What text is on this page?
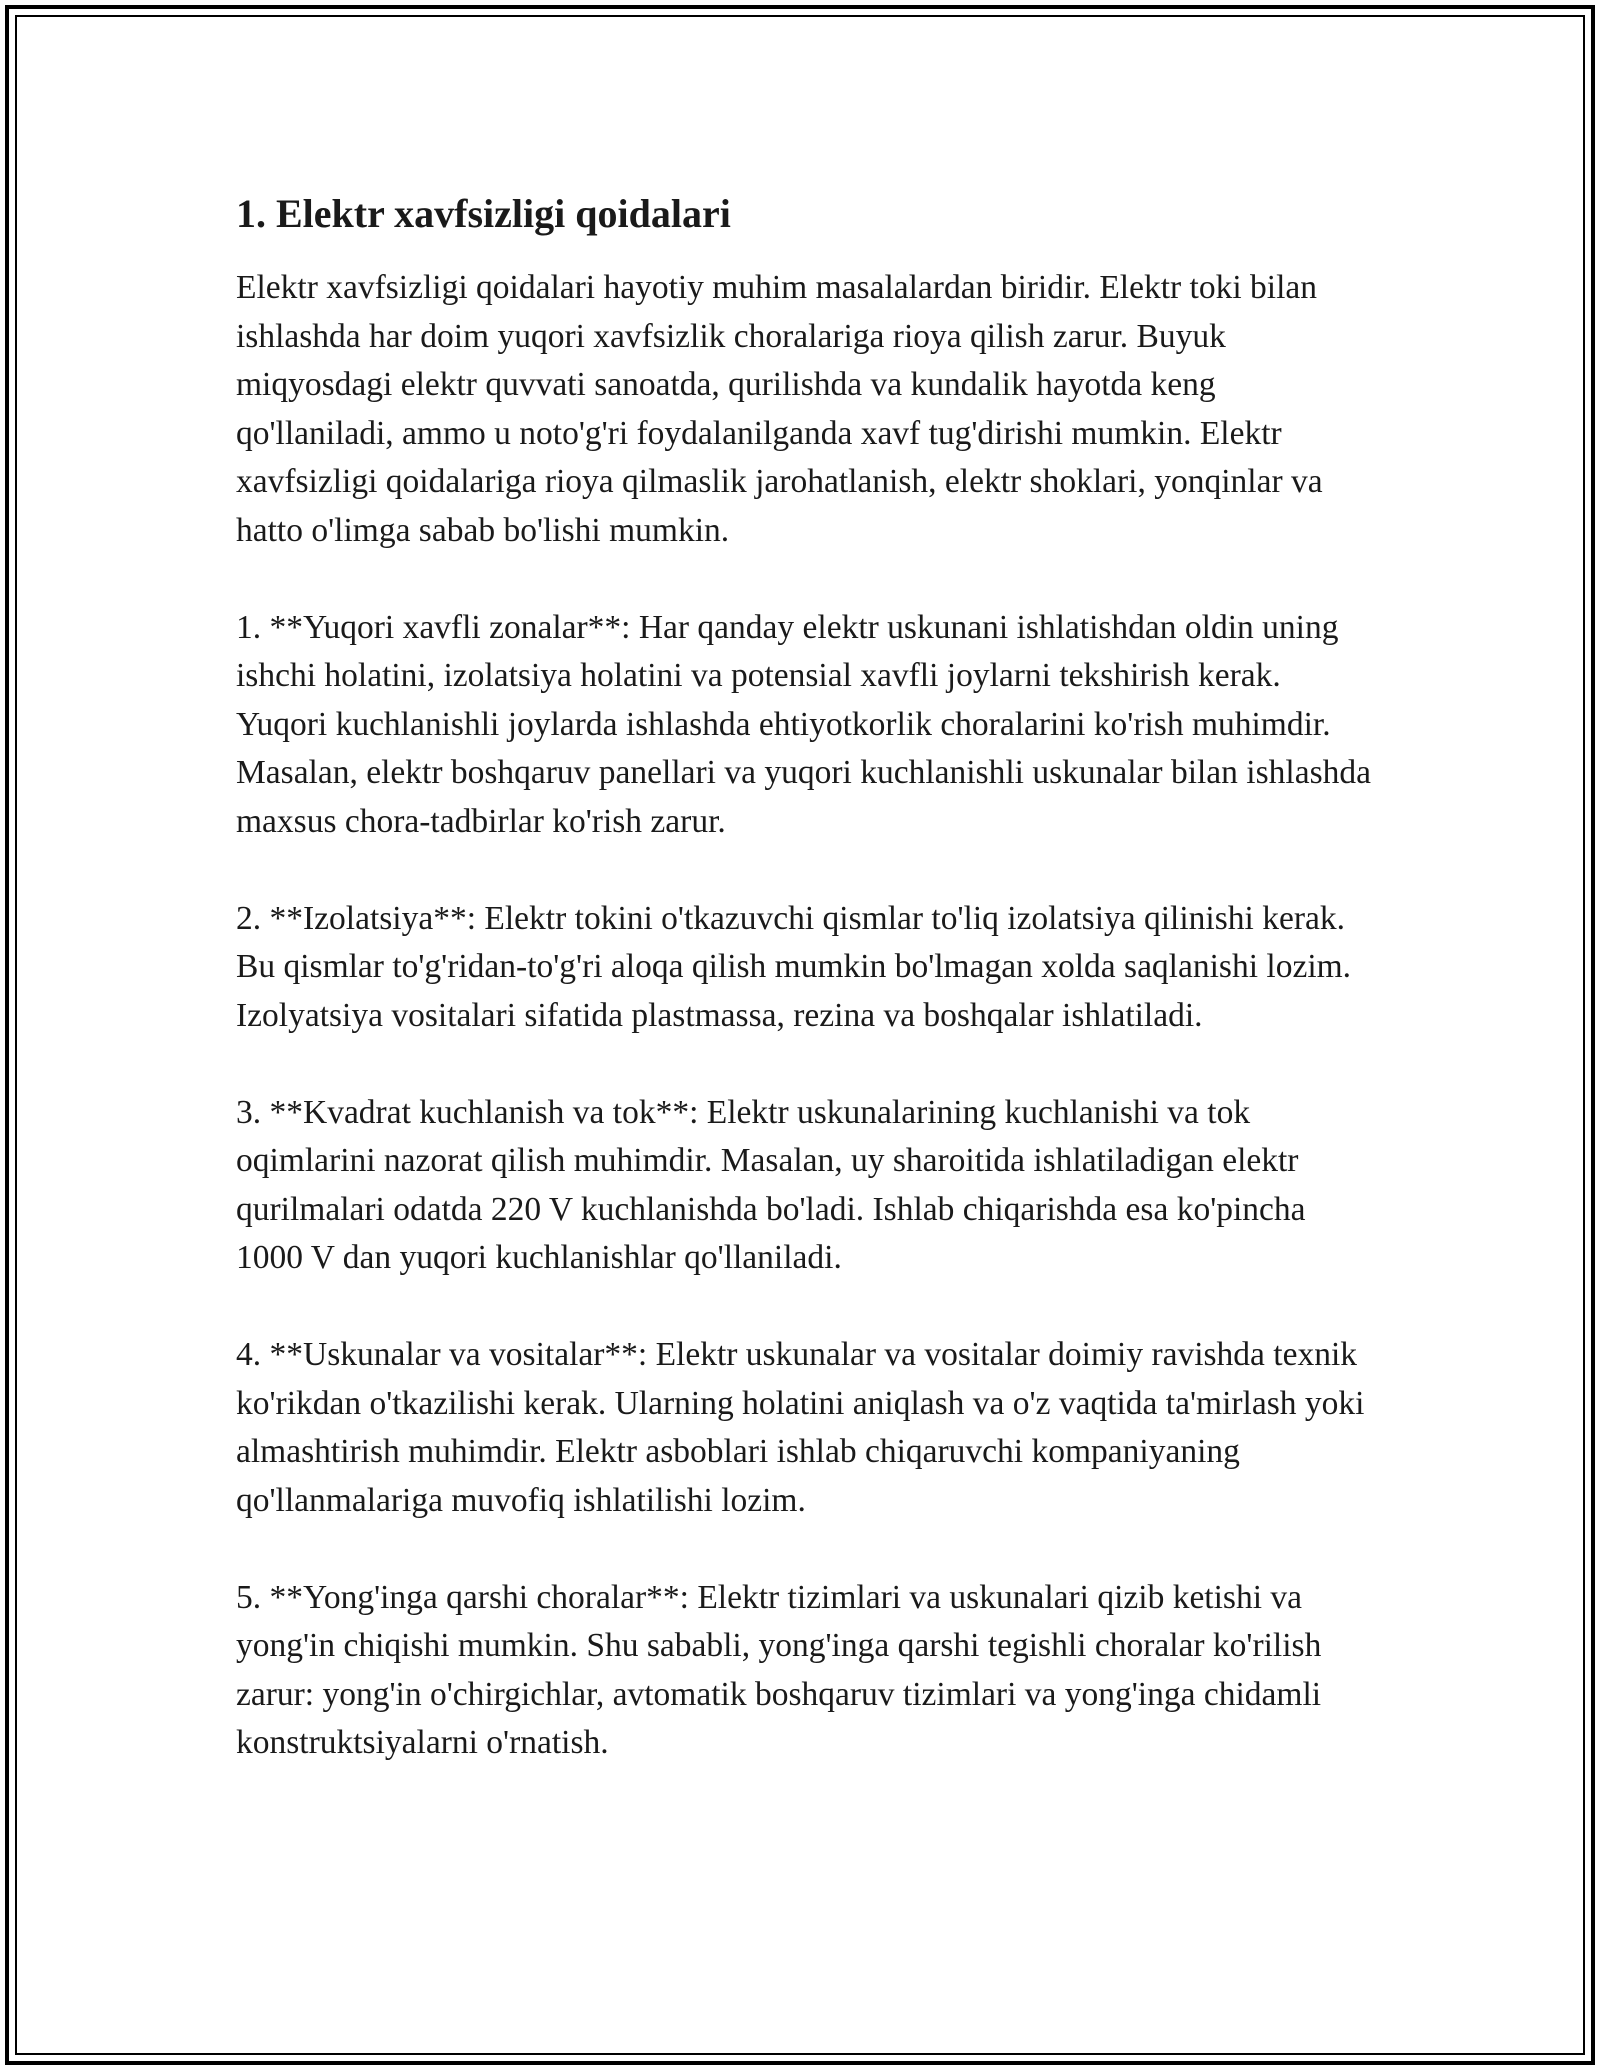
1. Elektr xavfsizligi qoidalari

Elektr xavfsizligi qoidalari hayotiy muhim masalalardan biridir. Elektr toki bilan ishlashda har doim yuqori xavfsizlik choralariga rioya qilish zarur. Buyuk miqyosdagi elektr quvvati sanoatda, qurilishda va kundalik hayotda keng qo'llaniladi, ammo u noto'g'ri foydalanilganda xavf tug'dirishi mumkin. Elektr xavfsizligi qoidalariga rioya qilmaslik jarohatlanish, elektr shoklari, yonqinlar va hatto o'limga sabab bo'lishi mumkin.

1. **Yuqori xavfli zonalar**: Har qanday elektr uskunani ishlatishdan oldin uning ishchi holatini, izolatsiya holatini va potensial xavfli joylarni tekshirish kerak. Yuqori kuchlanishli joylarda ishlashda ehtiyotkorlik choralarini ko'rish muhimdir. Masalan, elektr boshqaruv panellari va yuqori kuchlanishli uskunalar bilan ishlashda maxsus chora-tadbirlar ko'rish zarur.

2. **Izolatsiya**: Elektr tokini o'tkazuvchi qismlar to'liq izolatsiya qilinishi kerak. Bu qismlar to'g'ridan-to'g'ri aloqa qilish mumkin bo'lmagan xolda saqlanishi lozim. Izolyatsiya vositalari sifatida plastmassa, rezina va boshqalar ishlatiladi.

3. **Kvadrat kuchlanish va tok**: Elektr uskunalarining kuchlanishi va tok oqimlarini nazorat qilish muhimdir. Masalan, uy sharoitida ishlatiladigan elektr qurilmalari odatda 220 V kuchlanishda bo'ladi. Ishlab chiqarishda esa ko'pincha 1000 V dan yuqori kuchlanishlar qo'llaniladi.

4. **Uskunalar va vositalar**: Elektr uskunalar va vositalar doimiy ravishda texnik ko'rikdan o'tkazilishi kerak. Ularning holatini aniqlash va o'z vaqtida ta'mirlash yoki almashtirish muhimdir. Elektr asboblari ishlab chiqaruvchi kompaniyaning qo'llanmalariga muvofiq ishlatilishi lozim.

5. **Yong'inga qarshi choralar**: Elektr tizimlari va uskunalari qizib ketishi va yong'in chiqishi mumkin. Shu sababli, yong'inga qarshi tegishli choralar ko'rilish zarur: yong'in o'chirgichlar, avtomatik boshqaruv tizimlari va yong'inga chidamli konstruktsiyalarni o'rnatish.
